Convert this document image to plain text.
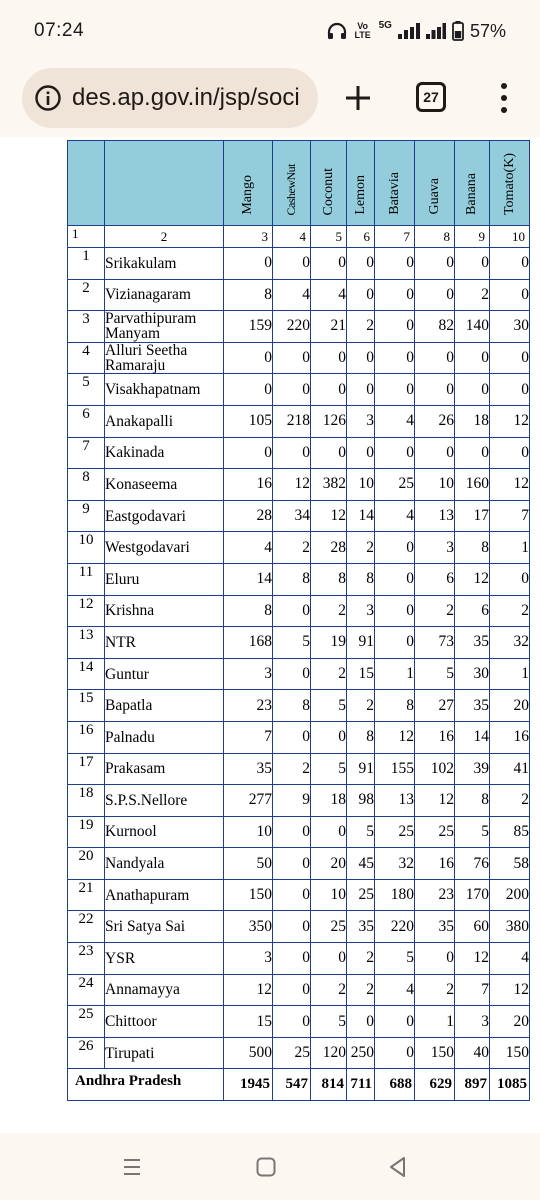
07:24	Vo LTE
5G	57%
des.ap.gov.in/jsp/soci	27

		Mango	CashewNut	Coconut	Lemon	Batavia	Guava	Banana	Tomato(K)

1	2	3	4	5	6	7	8	9	10
1	Srikakulam	0	0	0	0	0	0	0	0
2	Vizianagaram	8	4	4	0	0	0	2	0
3	Parvathipuram Manyam	159	220	21	2	0	82	140	30
4	Alluri Seetha Ramaraju	0	0	0	0	0	0	0	0
5	Visakhapatnam	0	0	0	0	0	0	0	0
6	Anakapalli	105	218	126	3	4	26	18	12
7	Kakinada	0	0	0	0	0	0	0	0
8	Konaseema	16	12	382	10	25	10	160	12
9	Eastgodavari	28	34	12	14	4	13	17	7
10	Westgodavari	4	2	28	2	0	3	8	1
11	Eluru	14	8	8	8	0	6	12	0
12	Krishna	8	0	2	3	0	2	6	2
13	NTR	168	5	19	91	0	73	35	32
14	Guntur	3	0	2	15	1	5	30	1
15	Bapatla	23	8	5	2	8	27	35	20
16	Palnadu	7	0	0	8	12	16	14	16
17	Prakasam	35	2	5	91	155	102	39	41
18	S.P.S.Nellore	277	9	18	98	13	12	8	2
19	Kurnool	10	0	0	5	25	25	5	85
20	Nandyala	50	0	20	45	32	16	76	58
21	Anathapuram	150	0	10	25	180	23	170	200
22	Sri Satya Sai	350	0	25	35	220	35	60	380
23	YSR	3	0	0	2	5	0	12	4
24	Annamayya	12	0	2	2	4	2	7	12
25	Chittoor	15	0	5	0	0	1	3	20
26	Tirupati	500	25	120	250	0	150	40	150
Andhra Pradesh		1945	547	814	711	688	629	897	1085
